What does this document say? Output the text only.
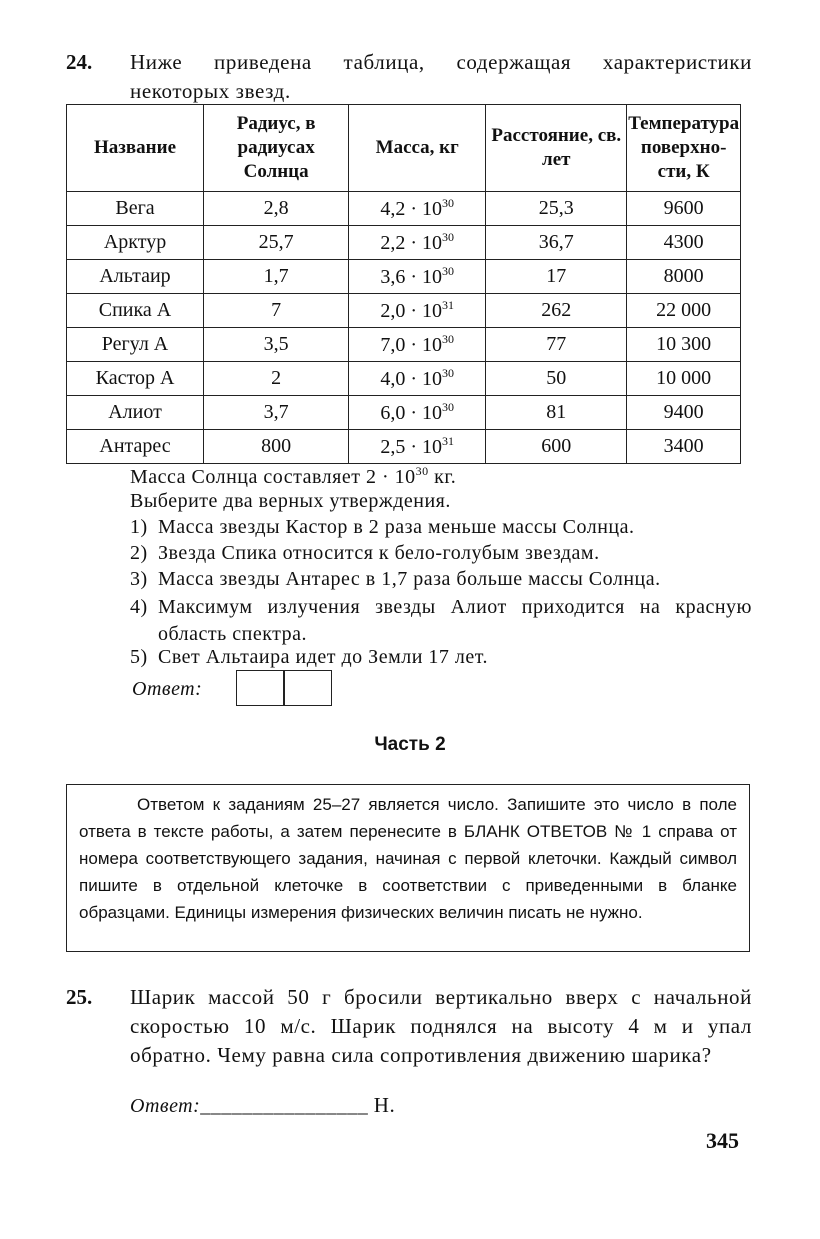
24. Ниже приведена таблица, содержащая характеристики некоторых звезд.
Название	Радиус, в радиусах Солнца	Масса, кг	Расстояние, св. лет	Температура поверхно-сти, К
Вега	2,8	$4,2 \cdot 10^{30}$	25,3	9600
Арктур	25,7	$2,2 \cdot 10^{30}$	36,7	4300
Альтаир	1,7	$3,6 \cdot 10^{30}$	17	8000
Спика А	7	$2,0 \cdot 10^{31}$	262	22 000
Регул А	3,5	$7,0 \cdot 10^{30}$	77	10 300
Кастор А	2	$4,0 \cdot 10^{30}$	50	10 000
Алиот	3,7	$6,0 \cdot 10^{30}$	81	9400
Антарес	800	$2,5 \cdot 10^{31}$	600	3400
Масса Солнца составляет $2 \cdot 10^{30}$ кг.
Выберите два верных утверждения.
1) Масса звезды Кастор в 2 раза меньше массы Солнца.
2) Звезда Спика относится к бело-голубым звездам.
3) Масса звезды Антарес в 1,7 раза больше массы Солнца.
4) Максимум излучения звезды Алиот приходится на красную область спектра.
5) Свет Альтаира идет до Земли 17 лет.
Ответ:
Часть 2
Ответом к заданиям 25–27 является число. Запишите это число в поле ответа в тексте работы, а затем перенесите в БЛАНК ОТВЕТОВ № 1 справа от номера соответствующего задания, начиная с первой клеточки. Каждый символ пишите в отдельной клеточке в соответствии с приведенными в бланке образцами. Единицы измерения физических величин писать не нужно.
25. Шарик массой 50 г бросили вертикально вверх с начальной скоростью 10 м/с. Шарик поднялся на высоту 4 м и упал обратно. Чему равна сила сопротивления движению шарика?
Ответ:________________ Н.
345
